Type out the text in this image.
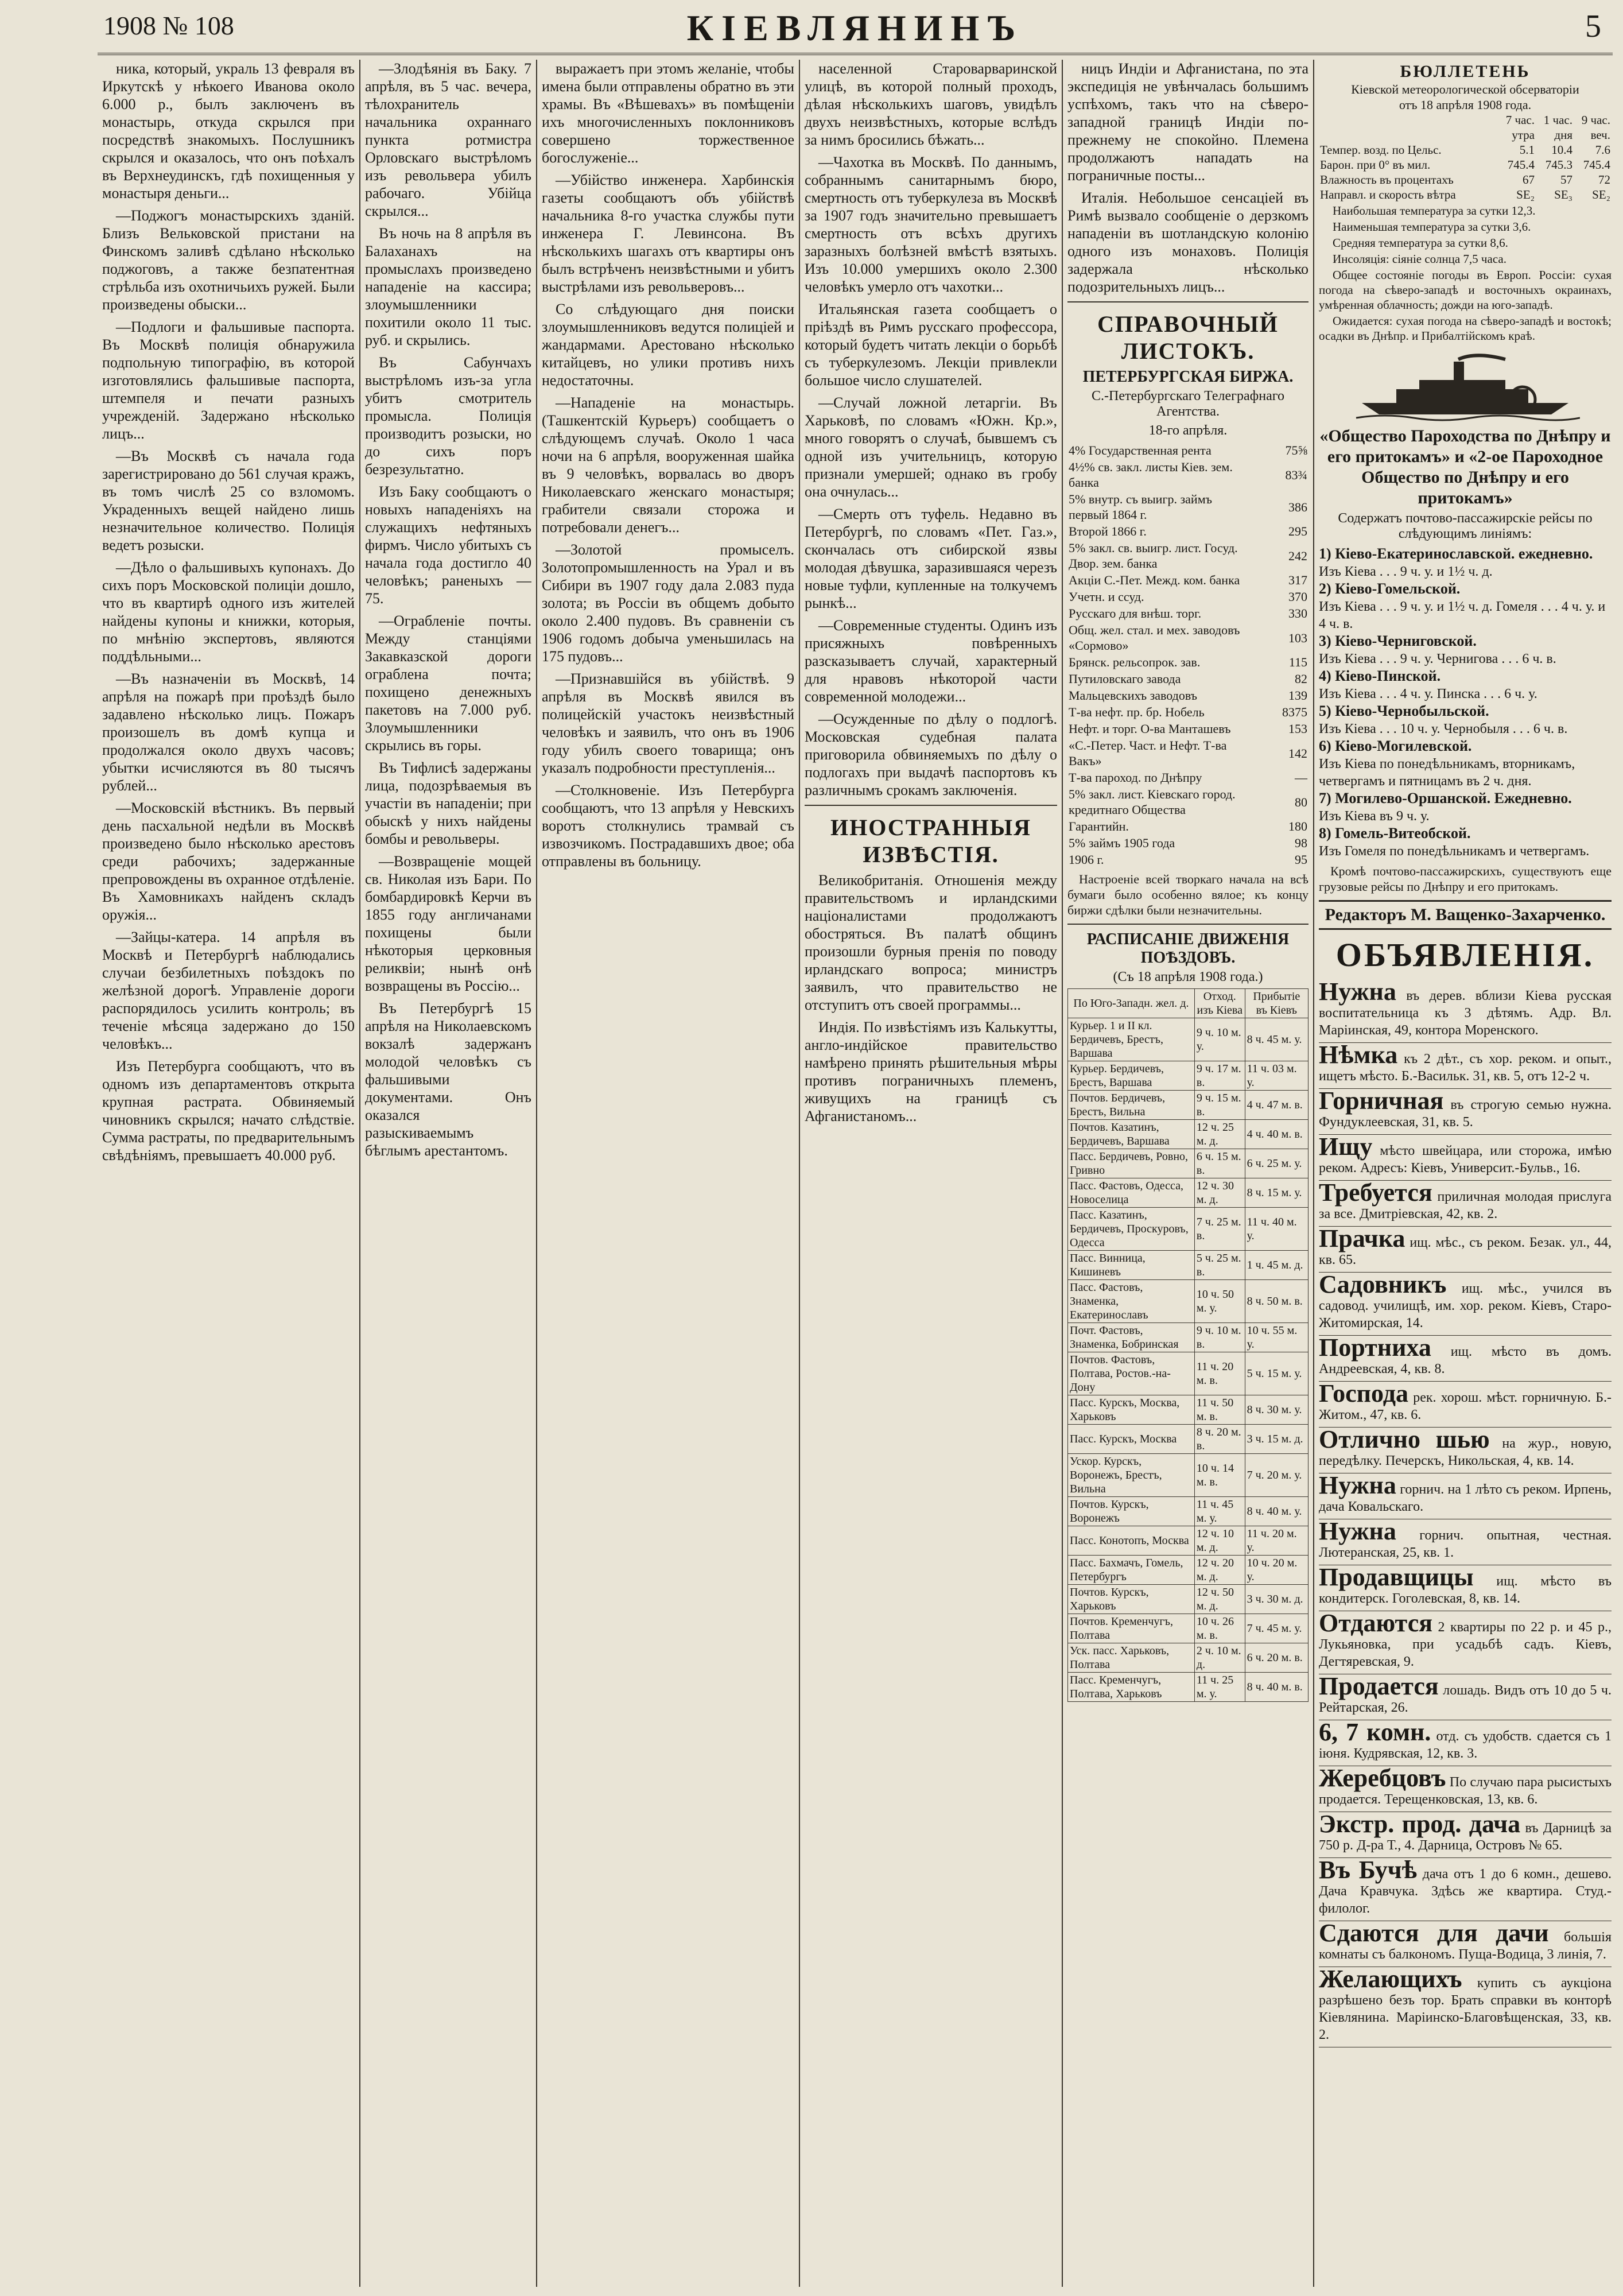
1908 № 108	КІЕВЛЯНИНЪ	5

ника, который, украль 13 февраля въ Иркутскѣ у нѣкоего Иванова около 6.000 р., былъ заключенъ въ монастырь, откуда скрылся при посредствѣ знакомыхъ. Послушникъ скрылся и оказалось, что онъ поѣхалъ въ Верхнеудинскъ, гдѣ похищенныя у монастыря деньги...

—Поджогъ монастырскихъ зданій. Близъ Вельковской пристани на Финскомъ заливѣ сдѣлано нѣсколько поджоговъ, а также безпатентная стрѣльба изъ охотничьихъ ружей. Были произведены обыски...

—Подлоги и фальшивые паспорта. Въ Москвѣ полиція обнаружила подпольную типографію, въ которой изготовлялись фальшивые паспорта, штемпеля и печати разныхъ учрежденій. Задержано нѣсколько лицъ...

—Въ Москвѣ съ начала года зарегистрировано до 561 случая кражъ, въ томъ числѣ 25 со взломомъ. Украденныхъ вещей найдено лишь незначительное количество. Полиція ведетъ розыски.

—Дѣло о фальшивыхъ купонахъ. До сихъ поръ Московской полиціи дошло, что въ квартирѣ одного изъ жителей найдены купоны и книжки, которыя, по мнѣнію экспертовъ, являются поддѣльными...

—Въ назначеніи въ Москвѣ, 14 апрѣля на пожарѣ при проѣздѣ было задавлено нѣсколько лицъ. Пожаръ произошелъ въ домѣ купца и продолжался около двухъ часовъ; убытки исчисляются въ 80 тысячъ рублей...

—Московскій вѣстникъ. Въ первый день пасхальной недѣли въ Москвѣ произведено было нѣсколько арестовъ среди рабочихъ; задержанные препровождены въ охранное отдѣленіе. Въ Хамовникахъ найденъ складъ оружія...

—Зайцы-катера. 14 апрѣля въ Москвѣ и Петербургѣ наблюдались случаи безбилетныхъ поѣздокъ по желѣзной дорогѣ. Управленіе дороги распорядилось усилить контроль; въ теченіе мѣсяца задержано до 150 человѣкъ...

Изъ Петербурга сообщаютъ, что въ одномъ изъ департаментовъ открыта крупная растрата. Обвиняемый чиновникъ скрылся; начато слѣдствіе. Сумма растраты, по предварительнымъ свѣдѣніямъ, превышаетъ 40.000 руб.

—Злодѣянія въ Баку. 7 апрѣля, въ 5 час. вечера, тѣлохранитель начальника охраннаго пункта ротмистра Орловскаго выстрѣломъ изъ револьвера убилъ рабочаго. Убійца скрылся...

Въ ночь на 8 апрѣля въ Балаханахъ на промыслахъ произведено нападеніе на кассира; злоумышленники похитили около 11 тыс. руб. и скрылись.

Въ Сабунчахъ выстрѣломъ изъ-за угла убитъ смотритель промысла. Полиція производитъ розыски, но до сихъ поръ безрезультатно.

Изъ Баку сообщаютъ о новыхъ нападеніяхъ на служащихъ нефтяныхъ фирмъ. Число убитыхъ съ начала года достигло 40 человѣкъ; раненыхъ — 75.

—Ограбленіе почты. Между станціями Закавказской дороги ограблена почта; похищено денежныхъ пакетовъ на 7.000 руб. Злоумышленники скрылись въ горы.

Въ Тифлисѣ задержаны лица, подозрѣваемыя въ участіи въ нападеніи; при обыскѣ у нихъ найдены бомбы и револьверы.

—Возвращеніе мощей св. Николая изъ Бари. По бомбардировкѣ Керчи въ 1855 году англичанами похищены были нѣкоторыя церковныя реликвіи; нынѣ онѣ возвращены въ Россію...

Въ Петербургѣ 15 апрѣля на Николаевскомъ вокзалѣ задержанъ молодой человѣкъ съ фальшивыми документами. Онъ оказался разыскиваемымъ бѣглымъ арестантомъ.

выражаетъ при этомъ желаніе, чтобы имена были отправлены обратно въ эти храмы. Въ «Вѣшевахъ» въ помѣщеніи ихъ многочисленныхъ поклонниковъ совершено торжественное богослуженіе...

—Убійство инженера. Харбинскія газеты сообщаютъ объ убійствѣ начальника 8-го участка службы пути инженера Г. Левинсона. Въ нѣсколькихъ шагахъ отъ квартиры онъ былъ встрѣченъ неизвѣстными и убитъ выстрѣлами изъ револьверовъ...

Со слѣдующаго дня поиски злоумышленниковъ ведутся полиціей и жандармами. Арестовано нѣсколько китайцевъ, но улики противъ нихъ недостаточны.

—Нападеніе на монастырь. (Ташкентскій Курьеръ) сообщаетъ о слѣдующемъ случаѣ. Около 1 часа ночи на 6 апрѣля, вооруженная шайка въ 9 человѣкъ, ворвалась во дворъ Николаевскаго женскаго монастыря; грабители связали сторожа и потребовали денегъ...

—Золотой промыселъ. Золотопромышленность на Урал и въ Сибири въ 1907 году дала 2.083 пуда золота; въ Россіи въ общемъ добыто около 2.400 пудовъ. Въ сравненіи съ 1906 годомъ добыча уменьшилась на 175 пудовъ...

—Признавшійся въ убійствѣ. 9 апрѣля въ Москвѣ явился въ полицейскій участокъ неизвѣстный человѣкъ и заявилъ, что онъ въ 1906 году убилъ своего товарища; онъ указалъ подробности преступленія...

—Столкновеніе. Изъ Петербурга сообщаютъ, что 13 апрѣля у Невскихъ воротъ столкнулись трамвай съ извозчикомъ. Пострадавшихъ двое; оба отправлены въ больницу.

населенной Староварваринской улицѣ, въ которой полный проходъ, дѣлая нѣсколькихъ шаговъ, увидѣлъ двухъ неизвѣстныхъ, которые вслѣдъ за нимъ бросились бѣжать...

—Чахотка въ Москвѣ. По даннымъ, собраннымъ санитарнымъ бюро, смертность отъ туберкулеза въ Москвѣ за 1907 годъ значительно превышаетъ смертность отъ всѣхъ другихъ заразныхъ болѣзней вмѣстѣ взятыхъ. Изъ 10.000 умершихъ около 2.300 человѣкъ умерло отъ чахотки...

Итальянская газета сообщаетъ о пріѣздѣ въ Римъ русскаго профессора, который будетъ читать лекціи о борьбѣ съ туберкулезомъ. Лекціи привлекли большое число слушателей.

—Случай ложной летаргіи. Въ Харьковѣ, по словамъ «Южн. Кр.», много говорятъ о случаѣ, бывшемъ съ одной изъ учительницъ, которую признали умершей; однако въ гробу она очнулась...

—Смерть отъ туфель. Недавно въ Петербургѣ, по словамъ «Пет. Газ.», скончалась отъ сибирской язвы молодая дѣвушка, заразившаяся черезъ новые туфли, купленные на толкучемъ рынкѣ...

—Современные студенты. Одинъ изъ присяжныхъ повѣренныхъ разсказываетъ случай, характерный для нравовъ нѣкоторой части современной молодежи...

—Осужденные по дѣлу о подлогѣ. Московская судебная палата приговорила обвиняемыхъ по дѣлу о подлогахъ при выдачѣ паспортовъ къ различнымъ срокамъ заключенія.

ИНОСТРАННЫЯ ИЗВѢСТІЯ.

Великобританія. Отношенія между правительствомъ и ирландскими націоналистами продолжаютъ обостряться. Въ палатѣ общинъ произошли бурныя пренія по поводу ирландскаго вопроса; министръ заявилъ, что правительство не отступитъ отъ своей программы...

Индія. По извѣстіямъ изъ Калькутты, англо-индійское правительство намѣрено принять рѣшительныя мѣры противъ пограничныхъ племенъ, живущихъ на границѣ съ Афганистаномъ...

ницъ Индіи и Афганистана, по эта экспедиція не увѣнчалась большимъ успѣхомъ, такъ что на сѣверо-западной границѣ Индіи по-прежнему не спокойно. Племена продолжаютъ нападать на пограничные посты...

Италія. Небольшое сенсаціей въ Римѣ вызвало сообщеніе о дерзкомъ нападеніи въ шотландскую колонію одного изъ монаховъ. Полиція задержала нѣсколько подозрительныхъ лицъ...

СПРАВОЧНЫЙ ЛИСТОКЪ.
ПЕТЕРБУРГСКАЯ БИРЖА.
С.-Петербургскаго Телеграфнаго Агентства.
18-го апрѣля.
4% Государственная рента	75⅝
4½% св. закл. листы Кіев. зем. банка	83¾
5% внутр. съ выигр. займъ первый 1864 г.	386
Второй 1866 г.	295
5% закл. св. выигр. лист. Госуд. Двор. зем. банка	242
Акціи С.-Пет. Межд. ком. банка	317
Учетн. и ссуд.	370
Русскаго для внѣш. торг.	330
Общ. жел. стал. и мех. заводовъ «Сормово»	103
Брянск. рельсопрок. зав.	115
Путиловскаго завода	82
Мальцевскихъ заводовъ	139
Т-ва нефт. пр. бр. Нобель	8375
Нефт. и торг. О-ва Манташевъ	153
«С.-Петер. Част. и Нефт. Т-ва Вакъ»	142
Т-ва пароход. по Днѣпру	—
5% закл. лист. Кіевскаго город. кредитнаго Общества	80
Гарантийн.	180
5% займъ 1905 года	98
1906 г.	95

Настроеніе всей творкаго начала на всѣ бумаги было особенно вялое; къ концу биржи сдѣлки были незначительны.

РАСПИСАНІЕ ДВИЖЕНІЯ ПОѢЗДОВЪ.
(Съ 18 апрѣля 1908 года.)
По Юго-Западн. жел. д.	Отход. изъ Кіева	Прибытіе въ Кіевъ
Курьер. 1 и II кл. Бердичевъ, Брестъ, Варшава	9 ч. 10 м. у.	8 ч. 45 м. у.
Курьер. Бердичевъ, Брестъ, Варшава	9 ч. 17 м. в.	11 ч. 03 м. у.
Почтов. Бердичевъ, Брестъ, Вильна	9 ч. 15 м. в.	4 ч. 47 м. в.
Почтов. Казатинъ, Бердичевъ, Варшава	12 ч. 25 м. д.	4 ч. 40 м. в.
Пасс. Бердичевъ, Ровно, Гривно	6 ч. 15 м. в.	6 ч. 25 м. у.
Пасс. Фастовъ, Одесса, Новоселица	12 ч. 30 м. д.	8 ч. 15 м. у.
Пасс. Казатинъ, Бердичевъ, Проскуровъ, Одесса	7 ч. 25 м. в.	11 ч. 40 м. у.
Пасс. Винница, Кишиневъ	5 ч. 25 м. в.	1 ч. 45 м. д.
Пасс. Фастовъ, Знаменка, Екатеринославъ	10 ч. 50 м. у.	8 ч. 50 м. в.
Почт. Фастовъ, Знаменка, Бобринская	9 ч. 10 м. в.	10 ч. 55 м. у.
Почтов. Фастовъ, Полтава, Ростов.-на-Дону	11 ч. 20 м. в.	5 ч. 15 м. у.
Пасс. Курскъ, Москва, Харьковъ	11 ч. 50 м. в.	8 ч. 30 м. у.
Пасс. Курскъ, Москва	8 ч. 20 м. в.	3 ч. 15 м. д.
Ускор. Курскъ, Воронежъ, Брестъ, Вильна	10 ч. 14 м. в.	7 ч. 20 м. у.
Почтов. Курскъ, Воронежъ	11 ч. 45 м. у.	8 ч. 40 м. у.
Пасс. Конотопъ, Москва	12 ч. 10 м. д.	11 ч. 20 м. у.
Пасс. Бахмачъ, Гомель, Петербургъ	12 ч. 20 м. д.	10 ч. 20 м. у.
Почтов. Курскъ, Харьковъ	12 ч. 50 м. д.	3 ч. 30 м. д.
Почтов. Кременчугъ, Полтава	10 ч. 26 м. в.	7 ч. 45 м. у.
Уск. пасс. Харьковъ, Полтава	2 ч. 10 м. д.	6 ч. 20 м. в.
Пасс. Кременчугъ, Полтава, Харьковъ	11 ч. 25 м. у.	8 ч. 40 м. в.
БЮЛЛЕТЕНЬ
Кіевской метеорологической обсерваторіи
отъ 18 апрѣля 1908 года.
	7 час. утра	1 час. дня	9 час. веч.
Темпер. возд. по Цельс.	5.1	10.4	7.6
Барон. при 0° въ мил.	745.4	745.3	745.4
Влажность въ процентахъ	67	57	72
Направл. и скорость вѣтра	SE₂	SE₃	SE₂

Наибольшая температура за сутки 12,3.

Наименьшая температура за сутки 3,6.

Средняя температура за сутки 8,6.

Инсоляція: сіяніе солнца 7,5 часа.

Общее состояніе погоды въ Европ. Россіи: сухая погода на сѣверо-западѣ и восточныхъ окраинахъ, умѣренная облачность; дожди на юго-западѣ.

Ожидается: сухая погода на сѣверо-западѣ и востокѣ; осадки въ Днѣпр. и Прибалтійскомъ краѣ.

«Общество Пароходства по Днѣпру и его притокамъ» и «2-ое Пароходное Общество по Днѣпру и его притокамъ»
Содержатъ почтово-пассажирскіе рейсы по слѣдующимъ линіямъ:
1) Кіево-Екатеринославской. ежедневно.
Изъ Кіева . . . 9 ч. у. и 1½ ч. д.
2) Кіево-Гомельской.
Изъ Кіева . . . 9 ч. у. и 1½ ч. д. Гомеля . . . 4 ч. у. и 4 ч. в.
3) Кіево-Черниговской.
Изъ Кіева . . . 9 ч. у. Чернигова . . . 6 ч. в.
4) Кіево-Пинской.
Изъ Кіева . . . 4 ч. у. Пинска . . . 6 ч. у.
5) Кіево-Чернобыльской.
Изъ Кіева . . . 10 ч. у. Чернобыля . . . 6 ч. в.
6) Кіево-Могилевской.
Изъ Кіева по понедѣльникамъ, вторникамъ, четвергамъ и пятницамъ въ 2 ч. дня.
7) Могилево-Оршанской. Ежедневно.
Изъ Кіева въ 9 ч. у.
8) Гомель-Витеобской.
Изъ Гомеля по понедѣльникамъ и четвергамъ.

Кромѣ почтово-пассажирскихъ, существуютъ еще грузовые рейсы по Днѣпру и его притокамъ.

Редакторъ М. Ващенко-Захарченко.
ОБЪЯВЛЕНІЯ.
Нужна въ дерев. вблизи Кіева русская воспитательница къ 3 дѣтямъ. Адр. Вл. Маріинская, 49, контора Моренского.
Нѣмка къ 2 дѣт., съ хор. реком. и опыт., ищетъ мѣсто. Б.-Васильк. 31, кв. 5, отъ 12-2 ч.
Горничная въ строгую семью нужна. Фундуклеевская, 31, кв. 5.
Ищу мѣсто швейцара, или сторожа, имѣю реком. Адресъ: Кіевъ, Университ.-Бульв., 16.
Требуется приличная молодая прислуга за все. Дмитріевская, 42, кв. 2.
Прачка ищ. мѣс., съ реком. Безак. ул., 44, кв. 65.
Садовникъ ищ. мѣс., учился въ садовод. училищѣ, им. хор. реком. Кіевъ, Старо-Житомирская, 14.
Портниха ищ. мѣсто въ домъ. Андреевская, 4, кв. 8.
Господа рек. хорош. мѣст. горничную. Б.-Житом., 47, кв. 6.
Отлично шью на жур., новую, передѣлку. Печерскъ, Никольская, 4, кв. 14.
Нужна горнич. на 1 лѣто съ реком. Ирпень, дача Ковальскаго.
Нужна горнич. опытная, честная. Лютеранская, 25, кв. 1.
Продавщицы ищ. мѣсто въ кондитерск. Гоголевская, 8, кв. 14.
Отдаются 2 квартиры по 22 р. и 45 р., Лукьяновка, при усадьбѣ садъ. Кіевъ, Дегтяревская, 9.
Продается лошадь. Видъ отъ 10 до 5 ч. Рейтарская, 26.
6, 7 комн. отд. съ удобств. сдается съ 1 іюня. Кудрявская, 12, кв. 3.
Жеребцовъ По случаю пара рысистыхъ продается. Терещенковская, 13, кв. 6.
Экстр. прод. дача въ Дарницѣ за 750 р. Д-ра Т., 4. Дарница, Островъ № 65.
Въ Бучѣ дача отъ 1 до 6 комн., дешево. Дача Кравчука. Здѣсь же квартира. Студ.-филолог.
Сдаются для дачи большія комнаты съ балкономъ. Пуща-Водица, 3 линія, 7.
Желающихъ купить съ аукціона разрѣшено безъ тор. Брать справки въ конторѣ Кіевлянина. Маріинско-Благовѣщенская, 33, кв. 2.
